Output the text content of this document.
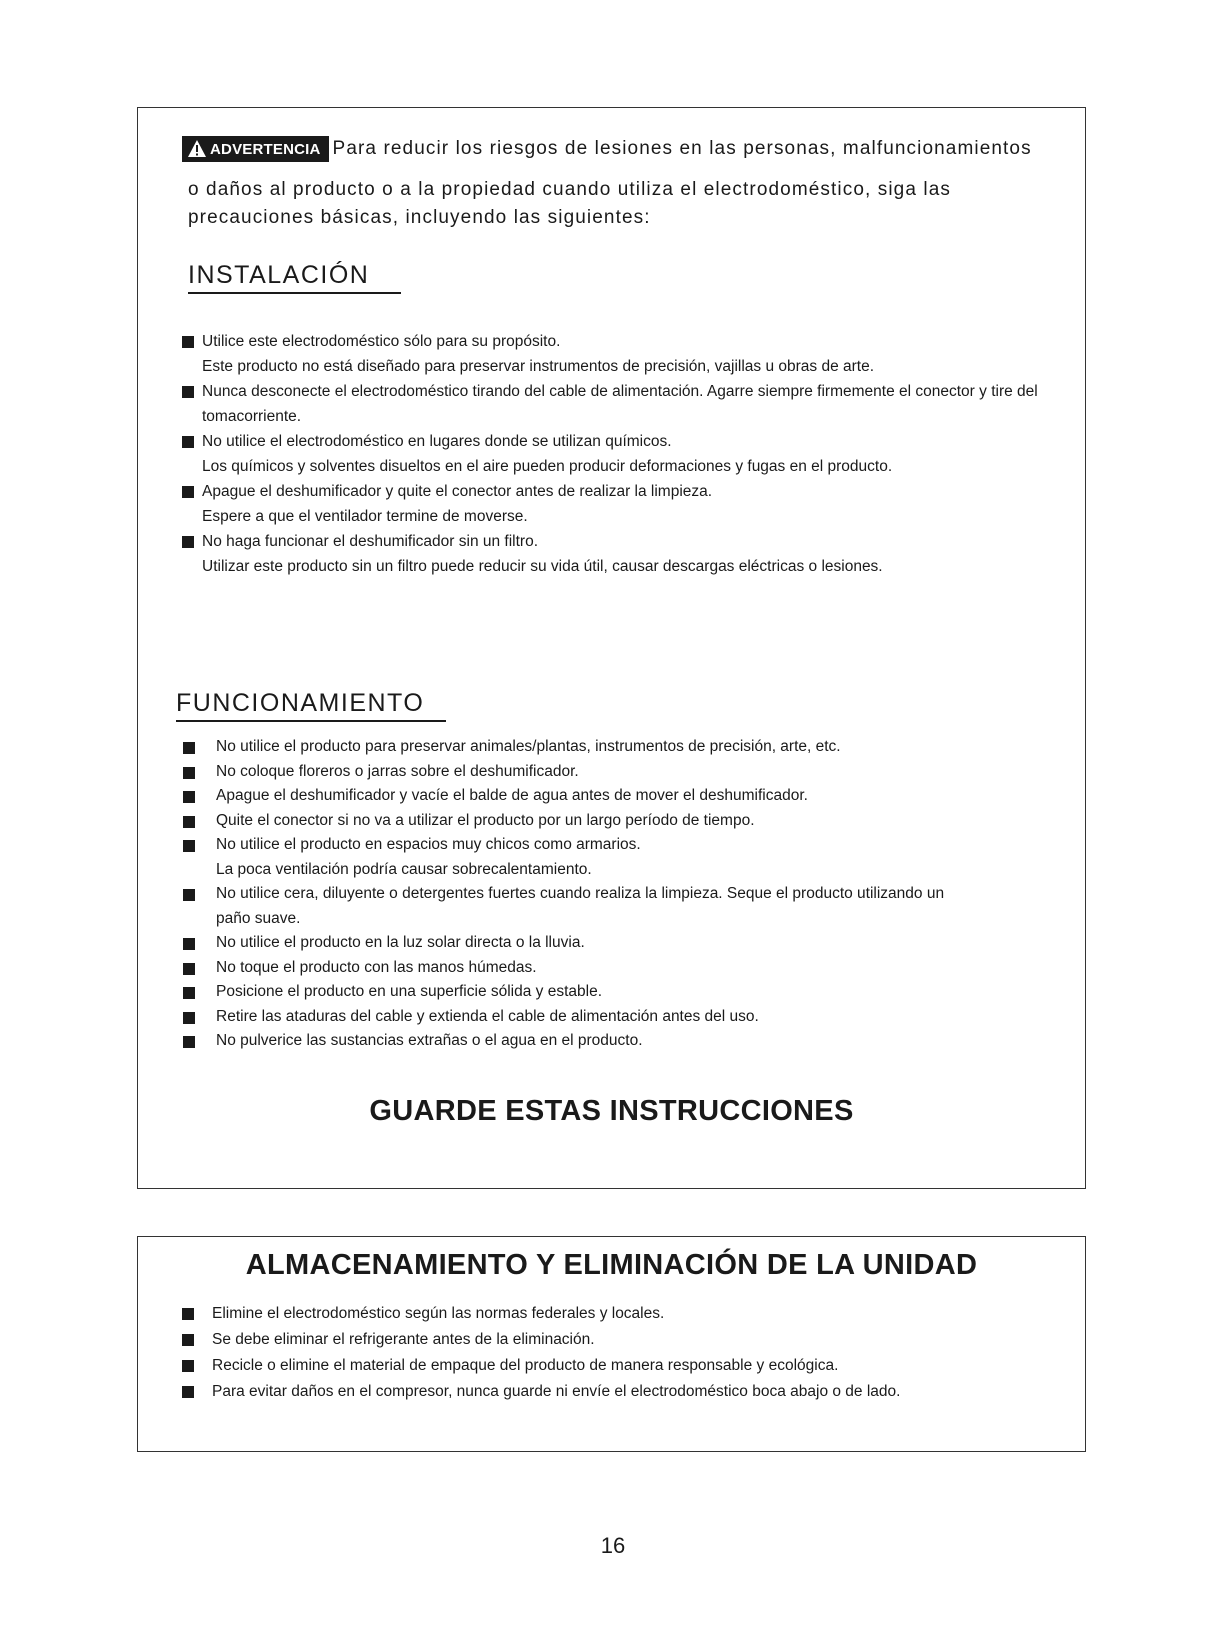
ADVERTENCIA Para reducir los riesgos de lesiones en las personas, malfuncionamientos
o daños al producto o a la propiedad cuando utiliza el electrodoméstico, siga las precauciones básicas, incluyendo las siguientes:
INSTALACIÓN
Utilice este electrodoméstico sólo para su propósito.
Este producto no está diseñado para preservar instrumentos de precisión, vajillas u obras de arte.
Nunca desconecte el electrodoméstico tirando del cable de alimentación. Agarre siempre firmemente el conector y tire del tomacorriente.
No utilice el electrodoméstico en lugares donde se utilizan químicos.
Los químicos y solventes disueltos en el aire pueden producir deformaciones y fugas en el producto.
Apague el deshumificador y quite el conector antes de realizar la limpieza.
Espere a que el ventilador termine de moverse.
No haga funcionar el deshumificador sin un filtro.
Utilizar este producto sin un filtro puede reducir su vida útil, causar descargas eléctricas o lesiones.
FUNCIONAMIENTO
No utilice el producto para preservar animales/plantas, instrumentos de precisión, arte, etc.
No coloque floreros o jarras sobre el deshumificador.
Apague el deshumificador y vacíe el balde de agua antes de mover el deshumificador.
Quite el conector si no va a utilizar el producto por un largo período de tiempo.
No utilice el producto en espacios muy chicos como armarios.
La poca ventilación podría causar sobrecalentamiento.
No utilice cera, diluyente o detergentes fuertes cuando realiza la limpieza. Seque el producto utilizando un
paño suave.
No utilice el producto en la luz solar directa o la lluvia.
No toque el producto con las manos húmedas.
Posicione el producto en una superficie sólida y estable.
Retire las ataduras del cable y extienda el cable de alimentación antes del uso.
No pulverice las sustancias extrañas o el agua en el producto.
GUARDE ESTAS INSTRUCCIONES
ALMACENAMIENTO Y ELIMINACIÓN DE LA UNIDAD
Elimine el electrodoméstico según las normas federales y locales.
Se debe eliminar el refrigerante antes de la eliminación.
Recicle o elimine el material de empaque del producto de manera responsable y ecológica.
Para evitar daños en el compresor, nunca guarde ni envíe el electrodoméstico boca abajo o de lado.
16
